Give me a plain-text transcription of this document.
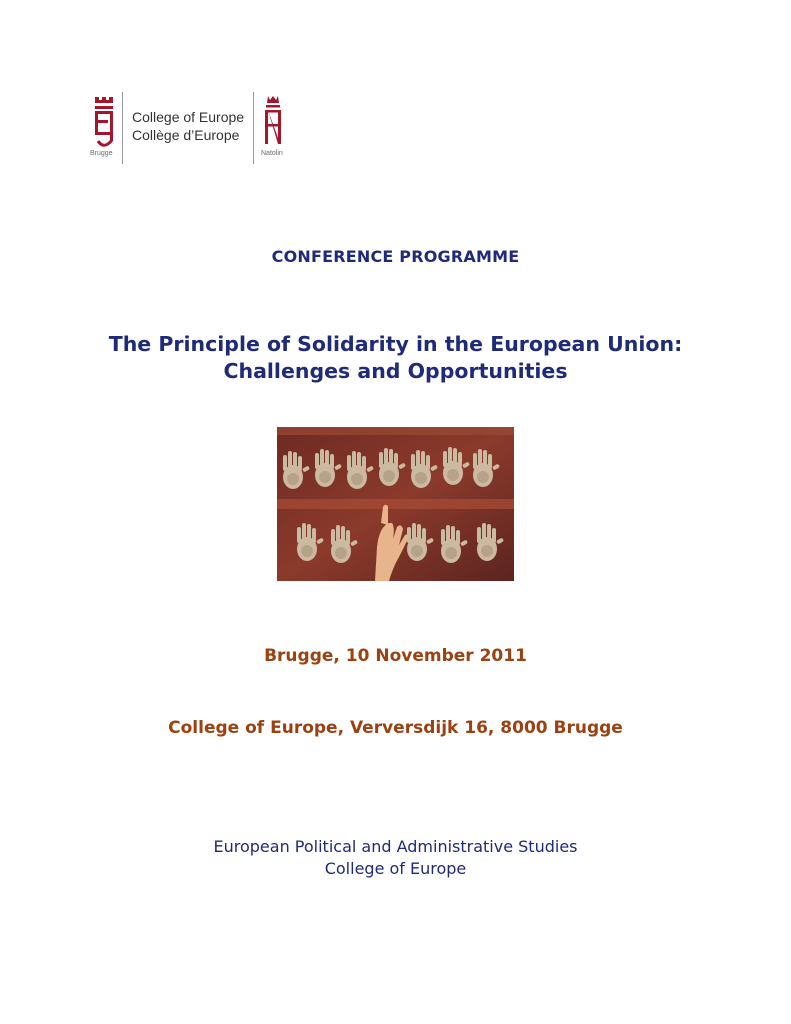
Brugge
College of Europe
Collège d’Europe
Natolin
CONFERENCE PROGRAMME
The Principle of Solidarity in the European Union:
Challenges and Opportunities
Brugge, 10 November 2011
College of Europe, Verversdijk 16, 8000 Brugge
European Political and Administrative Studies
College of Europe
